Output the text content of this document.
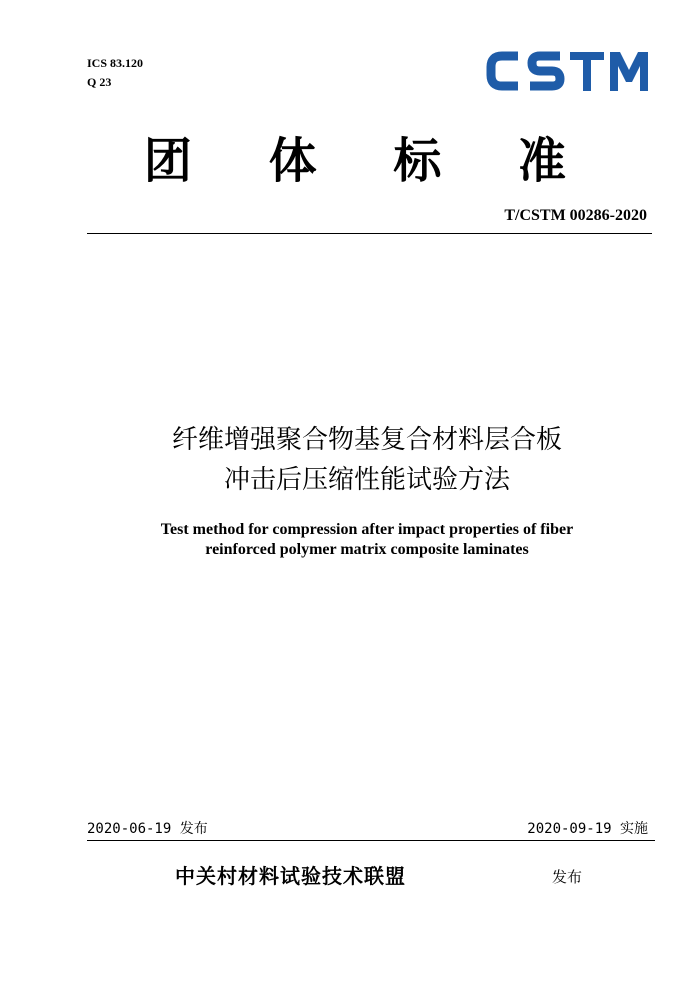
ICS 83.120
Q 23
团 体 标 准
T/CSTM 00286-2020
纤维增强聚合物基复合材料层合板
冲击后压缩性能试验方法
Test method for compression after impact properties of fiber
reinforced polymer matrix composite laminates
2020-06-19 发布	2020-09-19 实施
中关村材料试验技术联盟	发布
